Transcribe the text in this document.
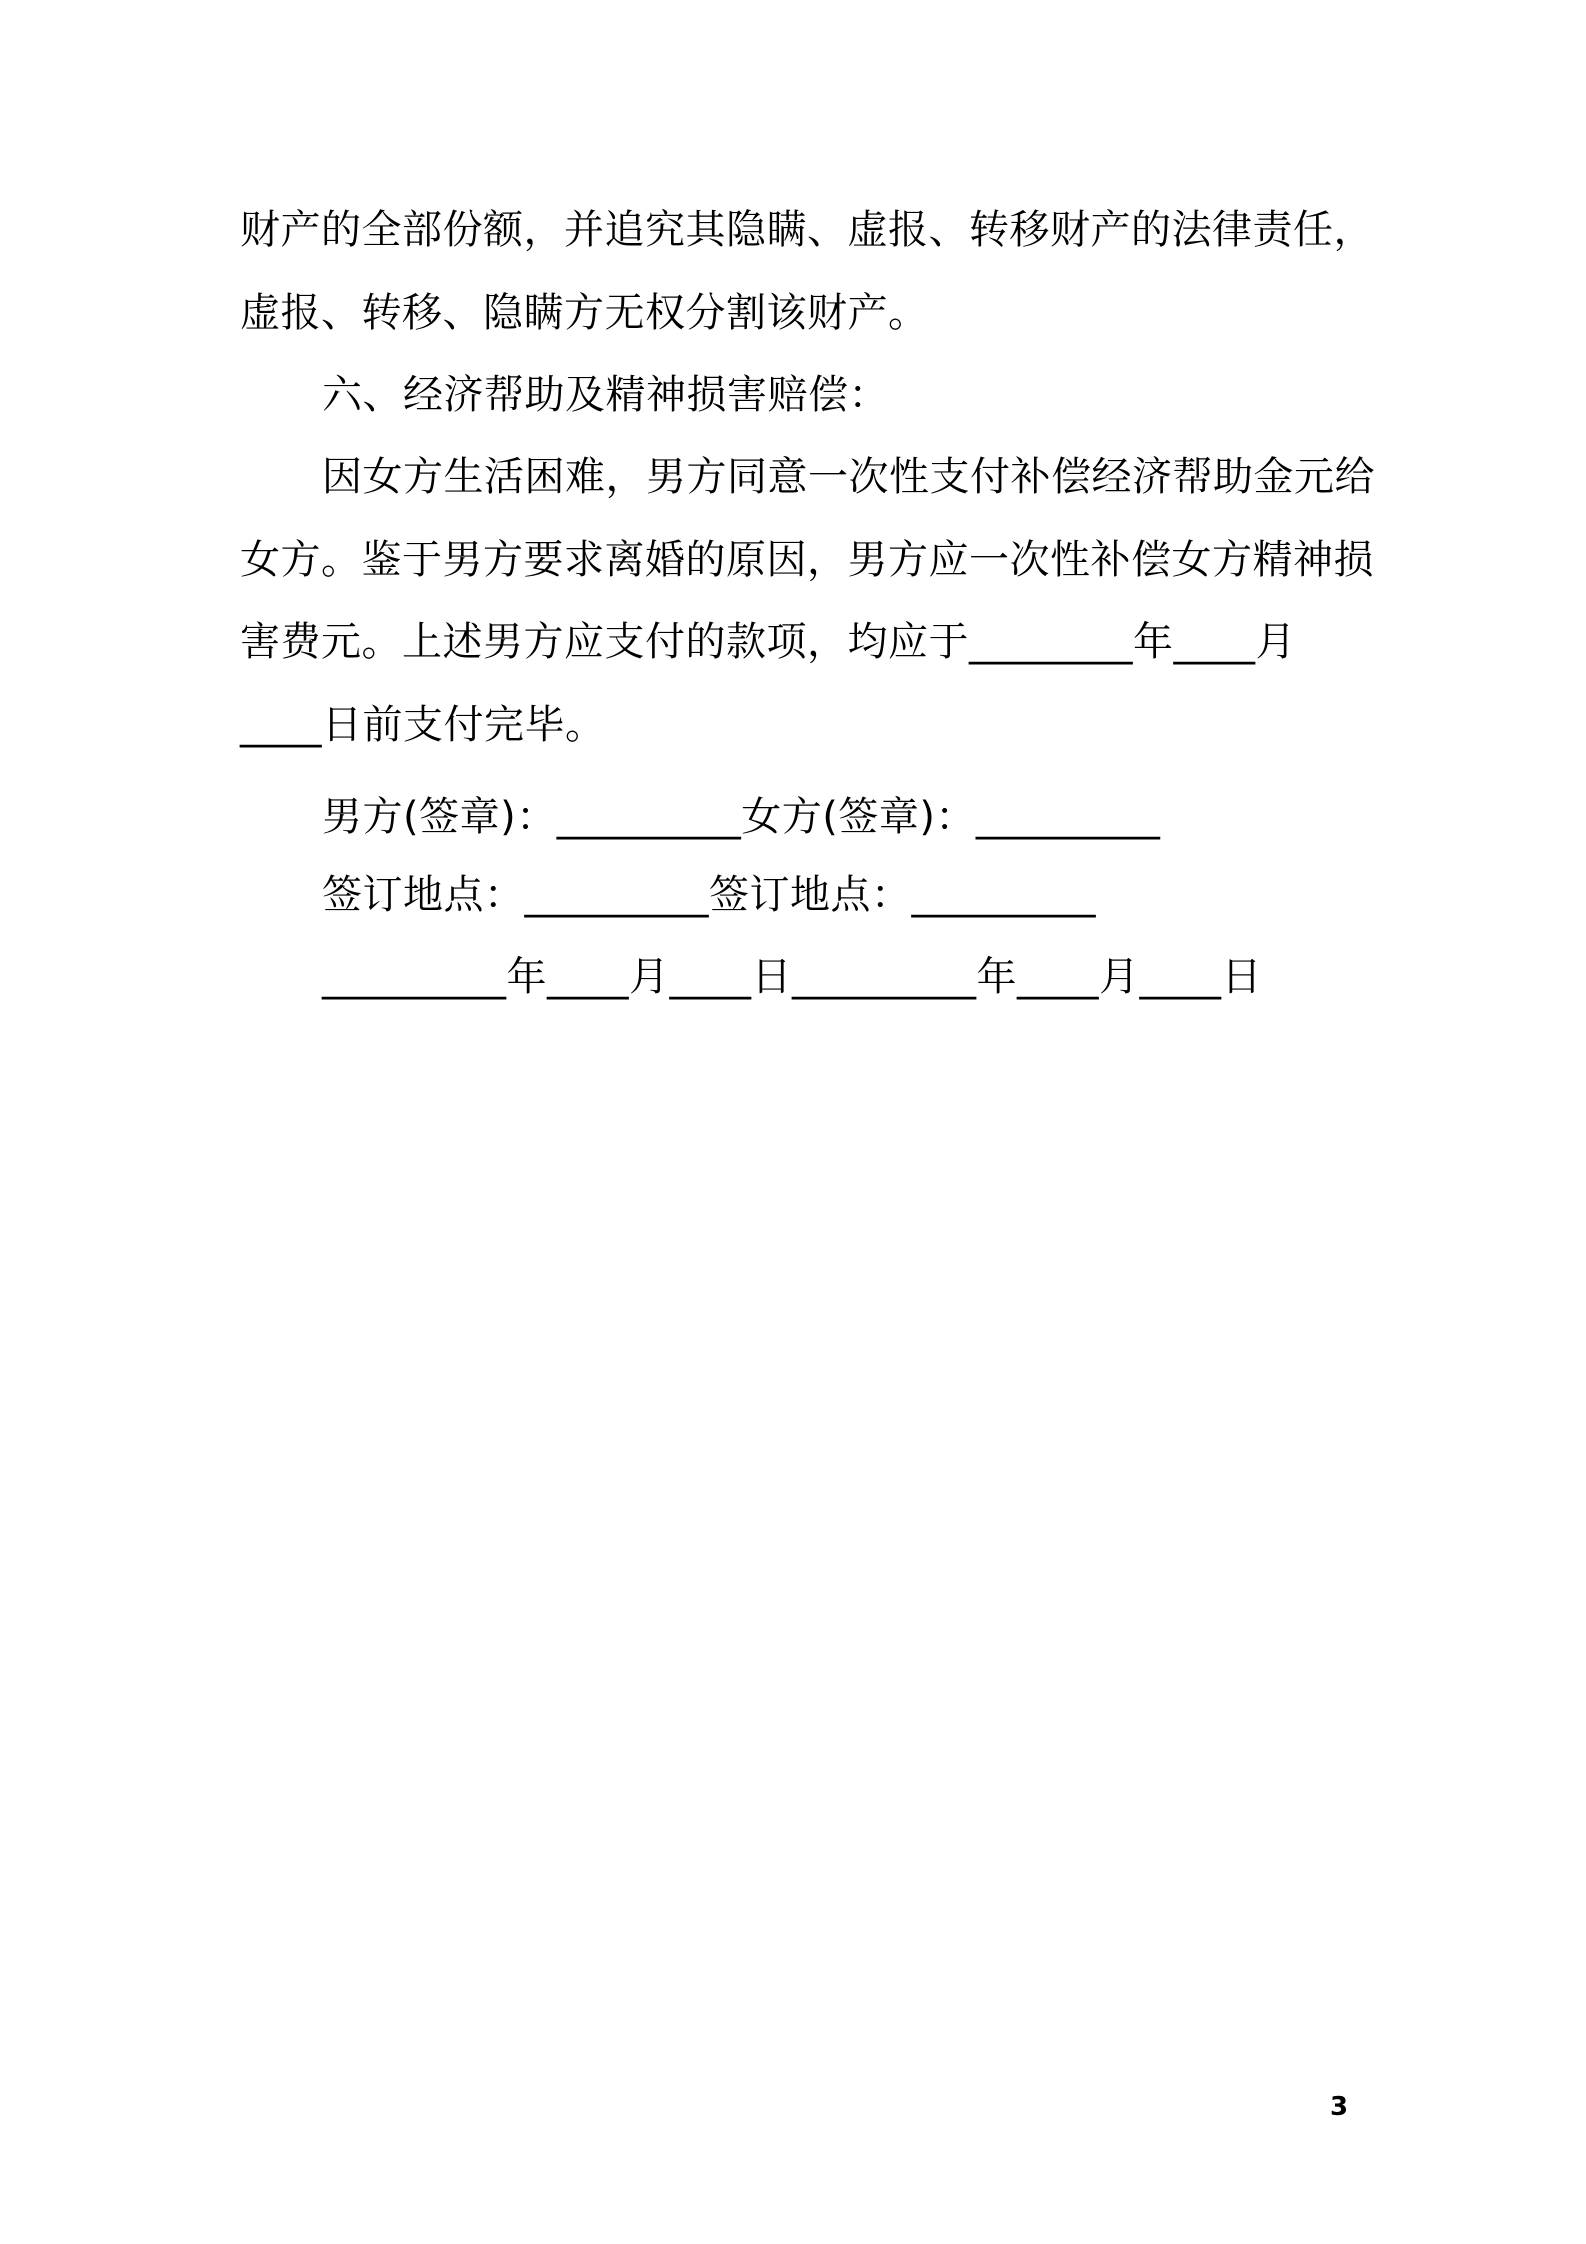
财产的全部份额，并追究其隐瞒、虚报、转移财产的法律责任，
虚报、转移、隐瞒方无权分割该财产。
六、经济帮助及精神损害赔偿：
因女方生活困难，男方同意一次性支付补偿经济帮助金元给
女方。鉴于男方要求离婚的原因，男方应一次性补偿女方精神损
害费元。上述男方应支付的款项，均应于________年____月
____日前支付完毕。
男方(签章)：_________女方(签章)：_________
签订地点：_________签订地点：_________
_________年____月____日_________年____月____日
3
